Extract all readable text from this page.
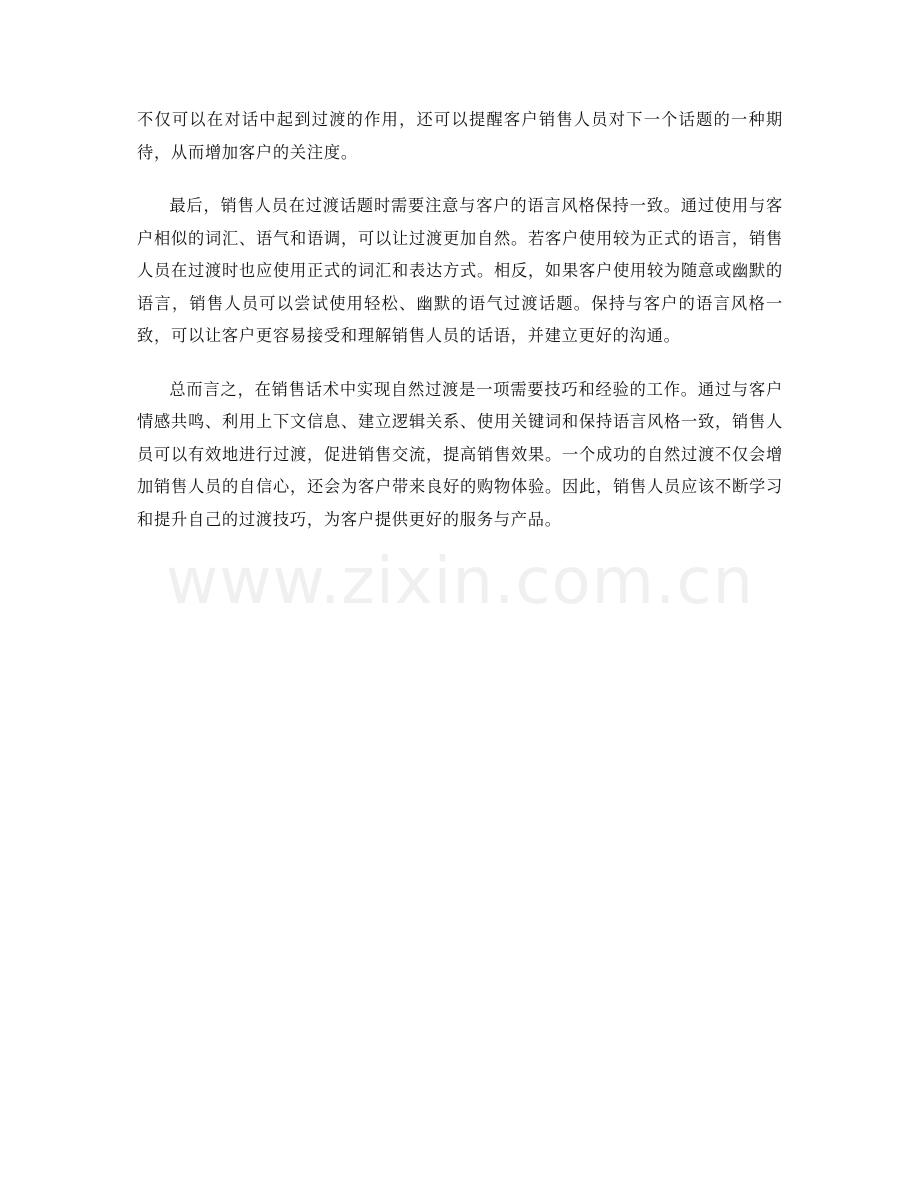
www.zixin.com.cn

不仅可以在对话中起到过渡的作用，还可以提醒客户销售人员对下一个话题的一种期待，从而增加客户的关注度。

最后，销售人员在过渡话题时需要注意与客户的语言风格保持一致。通过使用与客户相似的词汇、语气和语调，可以让过渡更加自然。若客户使用较为正式的语言，销售人员在过渡时也应使用正式的词汇和表达方式。相反，如果客户使用较为随意或幽默的语言，销售人员可以尝试使用轻松、幽默的语气过渡话题。保持与客户的语言风格一致，可以让客户更容易接受和理解销售人员的话语，并建立更好的沟通。

总而言之，在销售话术中实现自然过渡是一项需要技巧和经验的工作。通过与客户情感共鸣、利用上下文信息、建立逻辑关系、使用关键词和保持语言风格一致，销售人员可以有效地进行过渡，促进销售交流，提高销售效果。一个成功的自然过渡不仅会增加销售人员的自信心，还会为客户带来良好的购物体验。因此，销售人员应该不断学习和提升自己的过渡技巧，为客户提供更好的服务与产品。
